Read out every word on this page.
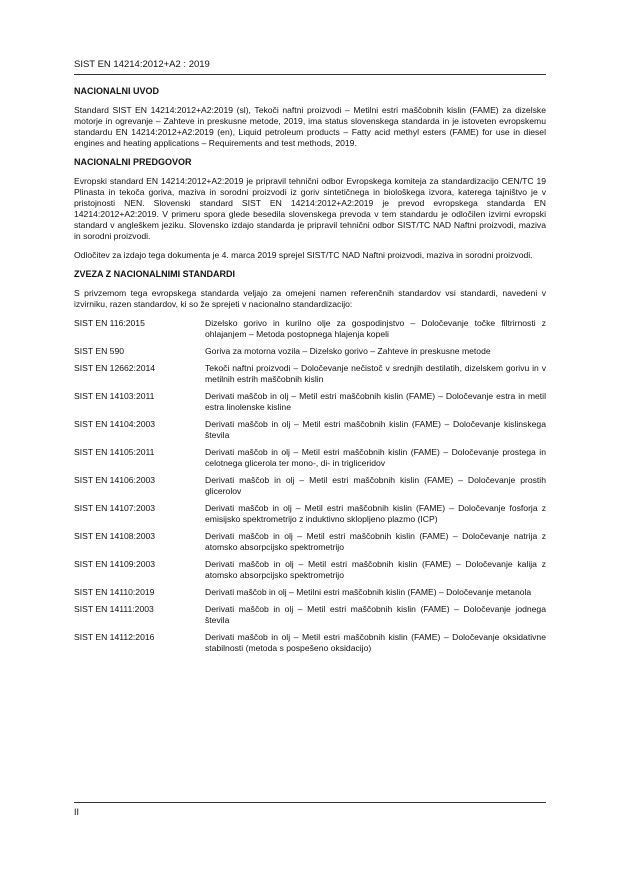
SIST EN 14214:2012+A2 : 2019
NACIONALNI UVOD

Standard SIST EN 14214:2012+A2:2019 (sl), Tekoči naftni proizvodi – Metilni estri maščobnih kislin (FAME) za dizelske motorje in ogrevanje – Zahteve in preskusne metode, 2019, ima status slovenskega standarda in je istoveten evropskemu standardu EN 14214:2012+A2:2019 (en), Liquid petroleum products – Fatty acid methyl esters (FAME) for use in diesel engines and heating applications – Requirements and test methods, 2019.

NACIONALNI PREDGOVOR

Evropski standard EN 14214:2012+A2:2019 je pripravil tehnični odbor Evropskega komiteja za standardizacijo CEN/TC 19 Plinasta in tekoča goriva, maziva in sorodni proizvodi iz goriv sintetičnega in biološkega izvora, katerega tajništvo je v pristojnosti NEN. Slovenski standard SIST EN 14214:2012+A2:2019 je prevod evropskega standarda EN 14214:2012+A2:2019. V primeru spora glede besedila slovenskega prevoda v tem standardu je odločilen izvirni evropski standard v angleškem jeziku. Slovensko izdajo standarda je pripravil tehnični odbor SIST/TC NAD Naftni proizvodi, maziva in sorodni proizvodi.

Odločitev za izdajo tega dokumenta je 4. marca 2019 sprejel SIST/TC NAD Naftni proizvodi, maziva in sorodni proizvodi.

ZVEZA Z NACIONALNIMI STANDARDI

S privzemom tega evropskega standarda veljajo za omejeni namen referenčnih standardov vsi standardi, navedeni v izvirniku, razen standardov, ki so že sprejeti v nacionalno standardizacijo:

SIST EN 116:2015	Dizelsko gorivo in kurilno olje za gospodinjstvo – Določevanje točke filtrirnosti z ohlajanjem – Metoda postopnega hlajenja kopeli
SIST EN 590	Goriva za motorna vozila – Dizelsko gorivo – Zahteve in preskusne metode
SIST EN 12662:2014	Tekoči naftni proizvodi – Določevanje nečistoč v srednjih destilatih, dizelskem gorivu in v metilnih estrih maščobnih kislin
SIST EN 14103:2011	Derivati maščob in olj – Metil estri maščobnih kislin (FAME) – Določevanje estra in metil estra linolenske kisline
SIST EN 14104:2003	Derivati maščob in olj – Metil estri maščobnih kislin (FAME) – Določevanje kislinskega števila
SIST EN 14105:2011	Derivati maščob in olj – Metil estri maščobnih kislin (FAME) – Določevanje prostega in celotnega glicerola ter mono-, di- in trigliceridov
SIST EN 14106:2003	Derivati maščob in olj – Metil estri maščobnih kislin (FAME) – Določevanje prostih glicerolov
SIST EN 14107:2003	Derivati maščob in olj – Metil estri maščobnih kislin (FAME) – Določevanje fosforja z emisijsko spektrometrijo z induktivno sklopljeno plazmo (ICP)
SIST EN 14108:2003	Derivati maščob in olj – Metil estri maščobnih kislin (FAME) – Določevanje natrija z atomsko absorpcijsko spektrometrijo
SIST EN 14109:2003	Derivati maščob in olj – Metil estri maščobnih kislin (FAME) – Določevanje kalija z atomsko absorpcijsko spektrometrijo
SIST EN 14110:2019	Derivati maščob in olj – Metilni estri maščobnih kislin (FAME) – Določevanje metanola
SIST EN 14111:2003	Derivati maščob in olj – Metil estri maščobnih kislin (FAME) – Določevanje jodnega števila
SIST EN 14112:2016	Derivati maščob in olj – Metil estri maščobnih kislin (FAME) – Določevanje oksidativne stabilnosti (metoda s pospešeno oksidacijo)
II
